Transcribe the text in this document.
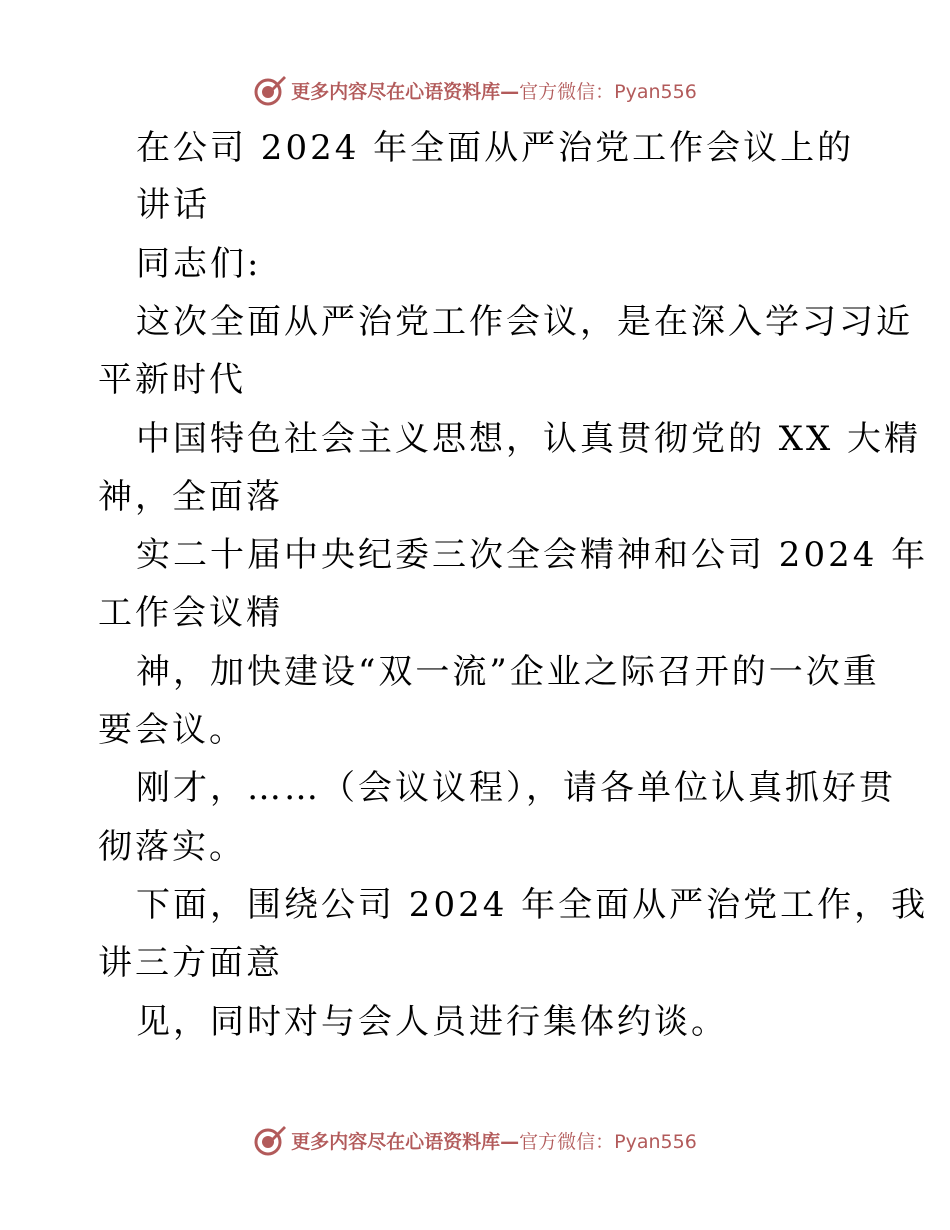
更多内容尽在心语资料库—官方微信：Pyan556
在公司 2024 年全面从严治党工作会议上的
讲话
同志们:
这次全面从严治党工作会议，是在深入学习习近
平新时代
中国特色社会主义思想，认真贯彻党的 XX 大精
神，全面落
实二十届中央纪委三次全会精神和公司 2024 年
工作会议精
神，加快建设“双一流”企业之际召开的一次重
要会议。
刚才，……（会议议程），请各单位认真抓好贯
彻落实。
下面，围绕公司 2024 年全面从严治党工作，我
讲三方面意
见，同时对与会人员进行集体约谈。
更多内容尽在心语资料库—官方微信：Pyan556
